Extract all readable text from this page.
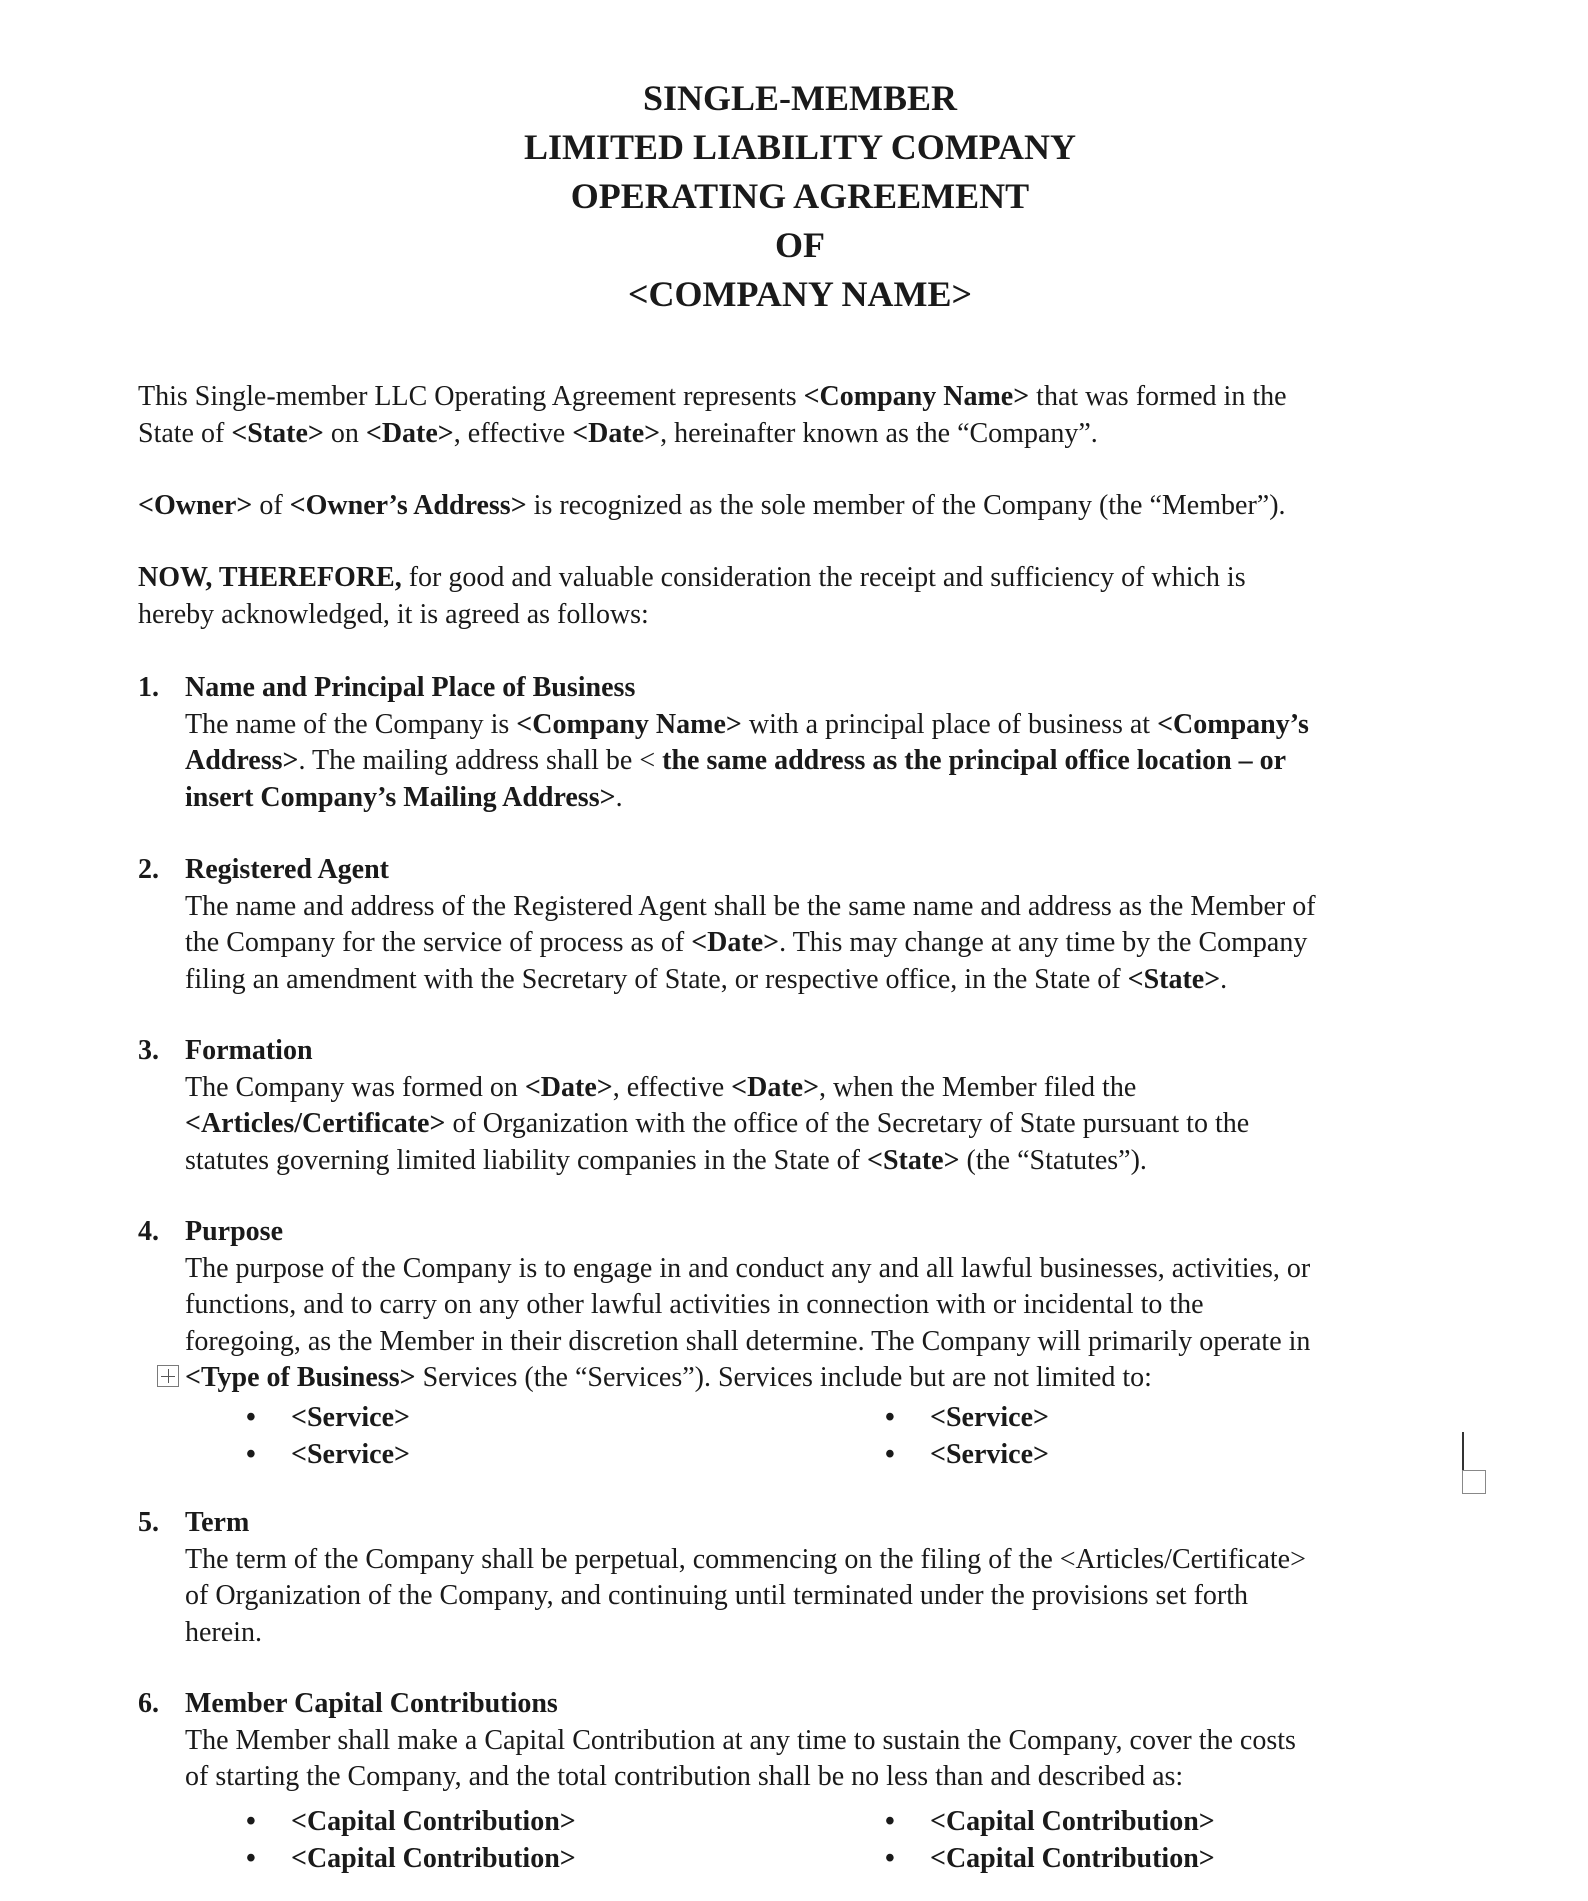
SINGLE-MEMBER
LIMITED LIABILITY COMPANY
OPERATING AGREEMENT
OF
<COMPANY NAME>
This Single-member LLC Operating Agreement represents <Company Name> that was formed in the
State of <State> on <Date>, effective <Date>, hereinafter known as the “Company”.
<Owner> of <Owner’s Address> is recognized as the sole member of the Company (the “Member”).
NOW, THEREFORE, for good and valuable consideration the receipt and sufficiency of which is
hereby acknowledged, it is agreed as follows:
1. Name and Principal Place of Business
The name of the Company is <Company Name> with a principal place of business at <Company’s
Address>. The mailing address shall be < the same address as the principal office location – or
insert Company’s Mailing Address>.
2. Registered Agent
The name and address of the Registered Agent shall be the same name and address as the Member of
the Company for the service of process as of <Date>. This may change at any time by the Company
filing an amendment with the Secretary of State, or respective office, in the State of <State>.
3. Formation
The Company was formed on <Date>, effective <Date>, when the Member filed the
<Articles/Certificate> of Organization with the office of the Secretary of State pursuant to the
statutes governing limited liability companies in the State of <State> (the “Statutes”).
4. Purpose
The purpose of the Company is to engage in and conduct any and all lawful businesses, activities, or
functions, and to carry on any other lawful activities in connection with or incidental to the
foregoing, as the Member in their discretion shall determine. The Company will primarily operate in
<Type of Business> Services (the “Services”). Services include but are not limited to:
• <Service>
• <Service>
• <Service>
• <Service>
5. Term
The term of the Company shall be perpetual, commencing on the filing of the <Articles/Certificate>
of Organization of the Company, and continuing until terminated under the provisions set forth
herein.
6. Member Capital Contributions
The Member shall make a Capital Contribution at any time to sustain the Company, cover the costs
of starting the Company, and the total contribution shall be no less than and described as:
• <Capital Contribution>
• <Capital Contribution>
• <Capital Contribution>
• <Capital Contribution>
